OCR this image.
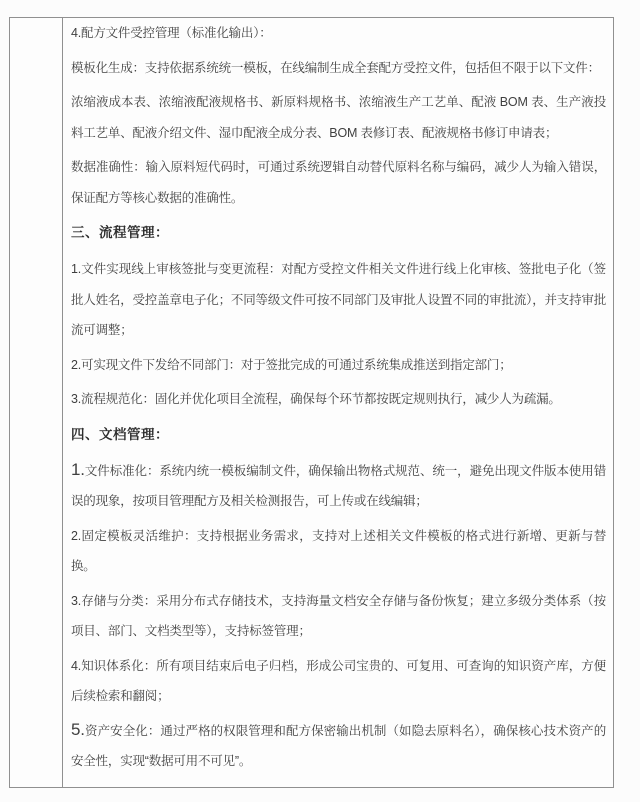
4.配方文件受控管理（标准化输出）：

模板化生成：支持依据系统统一模板，在线编制生成全套配方受控文件，包括但不限于以下文件：

浓缩液成本表、浓缩液配液规格书、新原料规格书、浓缩液生产工艺单、配液 BOM 表、生产液投料工艺单、配液介绍文件、湿巾配液全成分表、BOM 表修订表、配液规格书修订申请表；

数据准确性：输入原料短代码时，可通过系统逻辑自动替代原料名称与编码，减少人为输入错误，保证配方等核心数据的准确性。

三、流程管理：

1.文件实现线上审核签批与变更流程：对配方受控文件相关文件进行线上化审核、签批电子化（签批人姓名，受控盖章电子化；不同等级文件可按不同部门及审批人设置不同的审批流），并支持审批流可调整；

2.可实现文件下发给不同部门：对于签批完成的可通过系统集成推送到指定部门；

3.流程规范化：固化并优化项目全流程，确保每个环节都按既定规则执行，减少人为疏漏。

四、文档管理：

1.文件标准化：系统内统一模板编制文件，确保输出物格式规范、统一，避免出现文件版本使用错误的现象，按项目管理配方及相关检测报告，可上传或在线编辑；

2.固定模板灵活维护：支持根据业务需求，支持对上述相关文件模板的格式进行新增、更新与替换。

3.存储与分类：采用分布式存储技术，支持海量文档安全存储与备份恢复；建立多级分类体系（按项目、部门、文档类型等），支持标签管理；

4.知识体系化：所有项目结束后电子归档，形成公司宝贵的、可复用、可查询的知识资产库，方便后续检索和翻阅；

5.资产安全化：通过严格的权限管理和配方保密输出机制（如隐去原料名），确保核心技术资产的安全性，实现“数据可用不可见”。
